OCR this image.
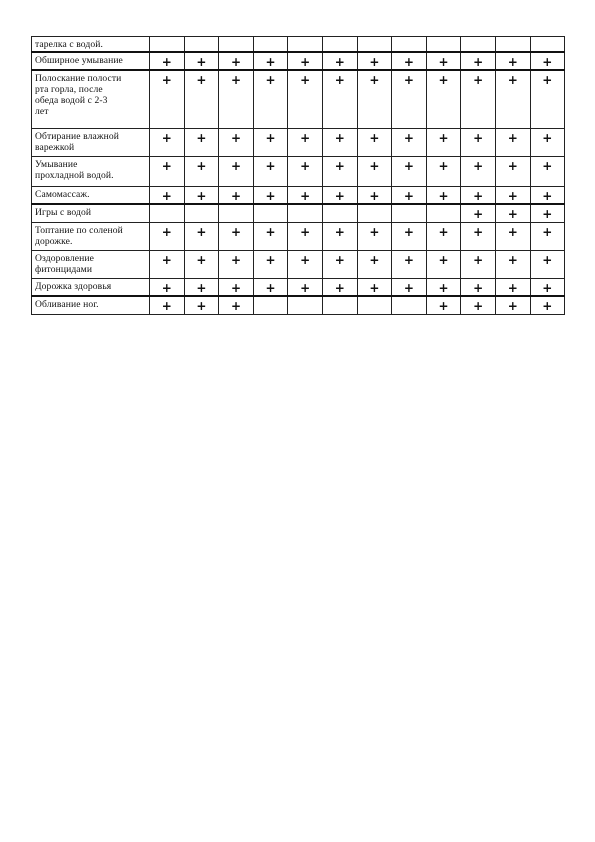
тарелка с водой.												
Обширное умывание	+	+	+	+	+	+	+	+	+	+	+	+
Полоскание полости
рта горла, после
обеда водой с 2-3
лет	+	+	+	+	+	+	+	+	+	+	+	+
Обтирание влажной
варежкой	+	+	+	+	+	+	+	+	+	+	+	+
Умывание
прохладной водой.	+	+	+	+	+	+	+	+	+	+	+	+
Самомассаж.	+	+	+	+	+	+	+	+	+	+	+	+
Игры с водой										+	+	+
Топтание по соленой
дорожке.	+	+	+	+	+	+	+	+	+	+	+	+
Оздоровление
фитонцидами	+	+	+	+	+	+	+	+	+	+	+	+
Дорожка здоровья	+	+	+	+	+	+	+	+	+	+	+	+
Обливание ног.	+	+	+						+	+	+	+
